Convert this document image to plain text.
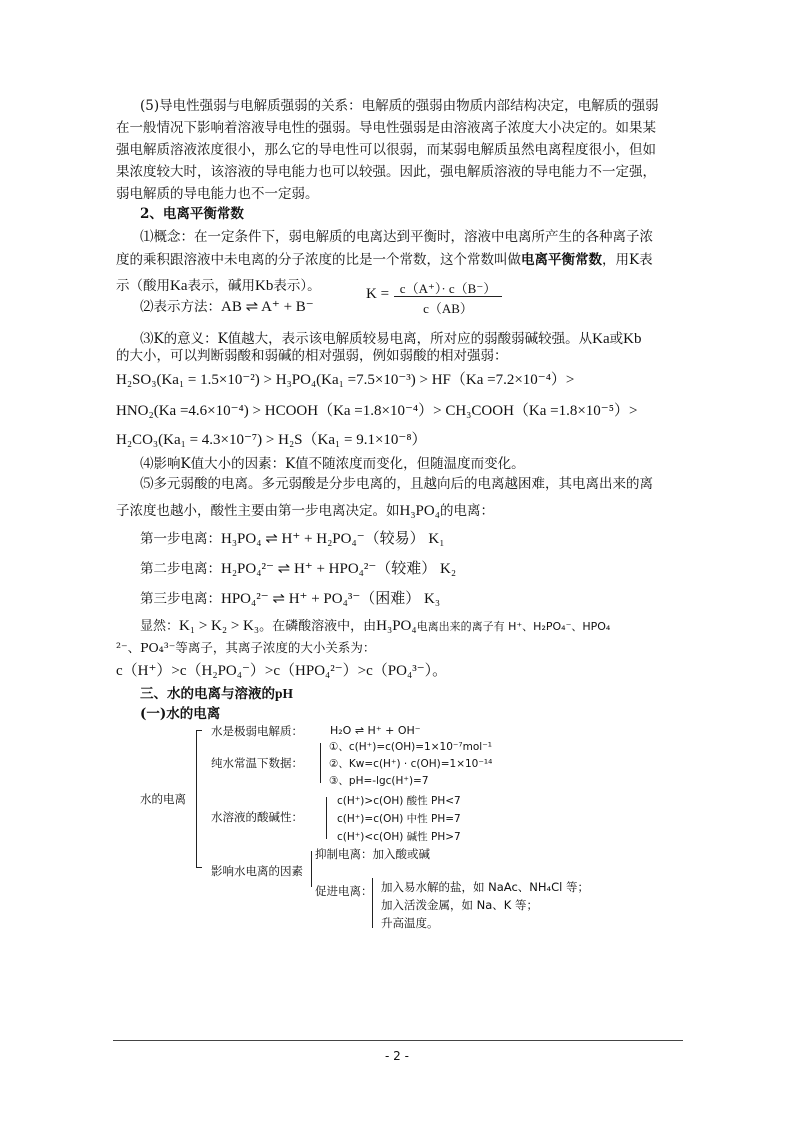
(5)导电性强弱与电解质强弱的关系：电解质的强弱由物质内部结构决定，电解质的强弱
在一般情况下影响着溶液导电性的强弱。导电性强弱是由溶液离子浓度大小决定的。如果某
强电解质溶液浓度很小，那么它的导电性可以很弱，而某弱电解质虽然电离程度很小，但如
果浓度较大时，该溶液的导电能力也可以较强。因此，强电解质溶液的导电能力不一定强，
弱电解质的导电能力也不一定弱。
2、电离平衡常数
⑴概念：在一定条件下，弱电解质的电离达到平衡时，溶液中电离所产生的各种离子浓
度的乘积跟溶液中未电离的分子浓度的比是一个常数，这个常数叫做电离平衡常数，用K表
示（酸用Ka表示，碱用Kb表示）。
⑵表示方法：AB ⇌ A⁺ + B⁻
K = c（A⁺）· c（B⁻）
c（AB）
⑶K的意义：K值越大，表示该电解质较易电离，所对应的弱酸弱碱较强。从Ka或Kb
的大小，可以判断弱酸和弱碱的相对强弱，例如弱酸的相对强弱：
H₂SO₃(Ka₁ = 1.5×10⁻²) > H₃PO₄(Ka₁ =7.5×10⁻³) > HF（Ka =7.2×10⁻⁴）>
HNO₂(Ka =4.6×10⁻⁴) > HCOOH（Ka =1.8×10⁻⁴）> CH₃COOH（Ka =1.8×10⁻⁵）>
H₂CO₃(Ka₁ = 4.3×10⁻⁷) > H₂S（Ka₁ = 9.1×10⁻⁸）
⑷影响K值大小的因素：K值不随浓度而变化，但随温度而变化。
⑸多元弱酸的电离。多元弱酸是分步电离的，且越向后的电离越困难，其电离出来的离
子浓度也越小，酸性主要由第一步电离决定。如H₃PO₄的电离：
第一步电离：H₃PO₄ ⇌ H⁺ + H₂PO₄⁻（较易） K₁
第二步电离：H₂PO₄²⁻ ⇌ H⁺ + HPO₄²⁻（较难） K₂
第三步电离：HPO₄²⁻ ⇌ H⁺ + PO₄³⁻（困难） K₃
显然：K₁ > K₂ > K₃。在磷酸溶液中，由H₃PO₄电离出来的离子有 H⁺、H₂PO₄⁻、HPO₄
²⁻、PO₄³⁻等离子，其离子浓度的大小关系为：
c（H⁺）>c（H₂PO₄⁻）>c（HPO₄²⁻）>c（PO₄³⁻）。
三、水的电离与溶液的pH
(一)水的电离
水的电离
水是极弱电解质： H₂O ⇌ H⁺ + OH⁻
纯水常温下数据：
①、c(H⁺)=c(OH)=1×10⁻⁷mol⁻¹
②、Kw=c(H⁺) · c(OH)=1×10⁻¹⁴
③、pH=-lgc(H⁺)=7
水溶液的酸碱性：
c(H⁺)>c(OH) 酸性 PH<7
c(H⁺)=c(OH) 中性 PH=7
c(H⁺)<c(OH) 碱性 PH>7
影响水电离的因素
抑制电离：加入酸或碱
促进电离： 加入易水解的盐，如 NaAc、NH₄Cl 等；
加入活泼金属，如 Na、K 等；
升高温度。
- 2 -
